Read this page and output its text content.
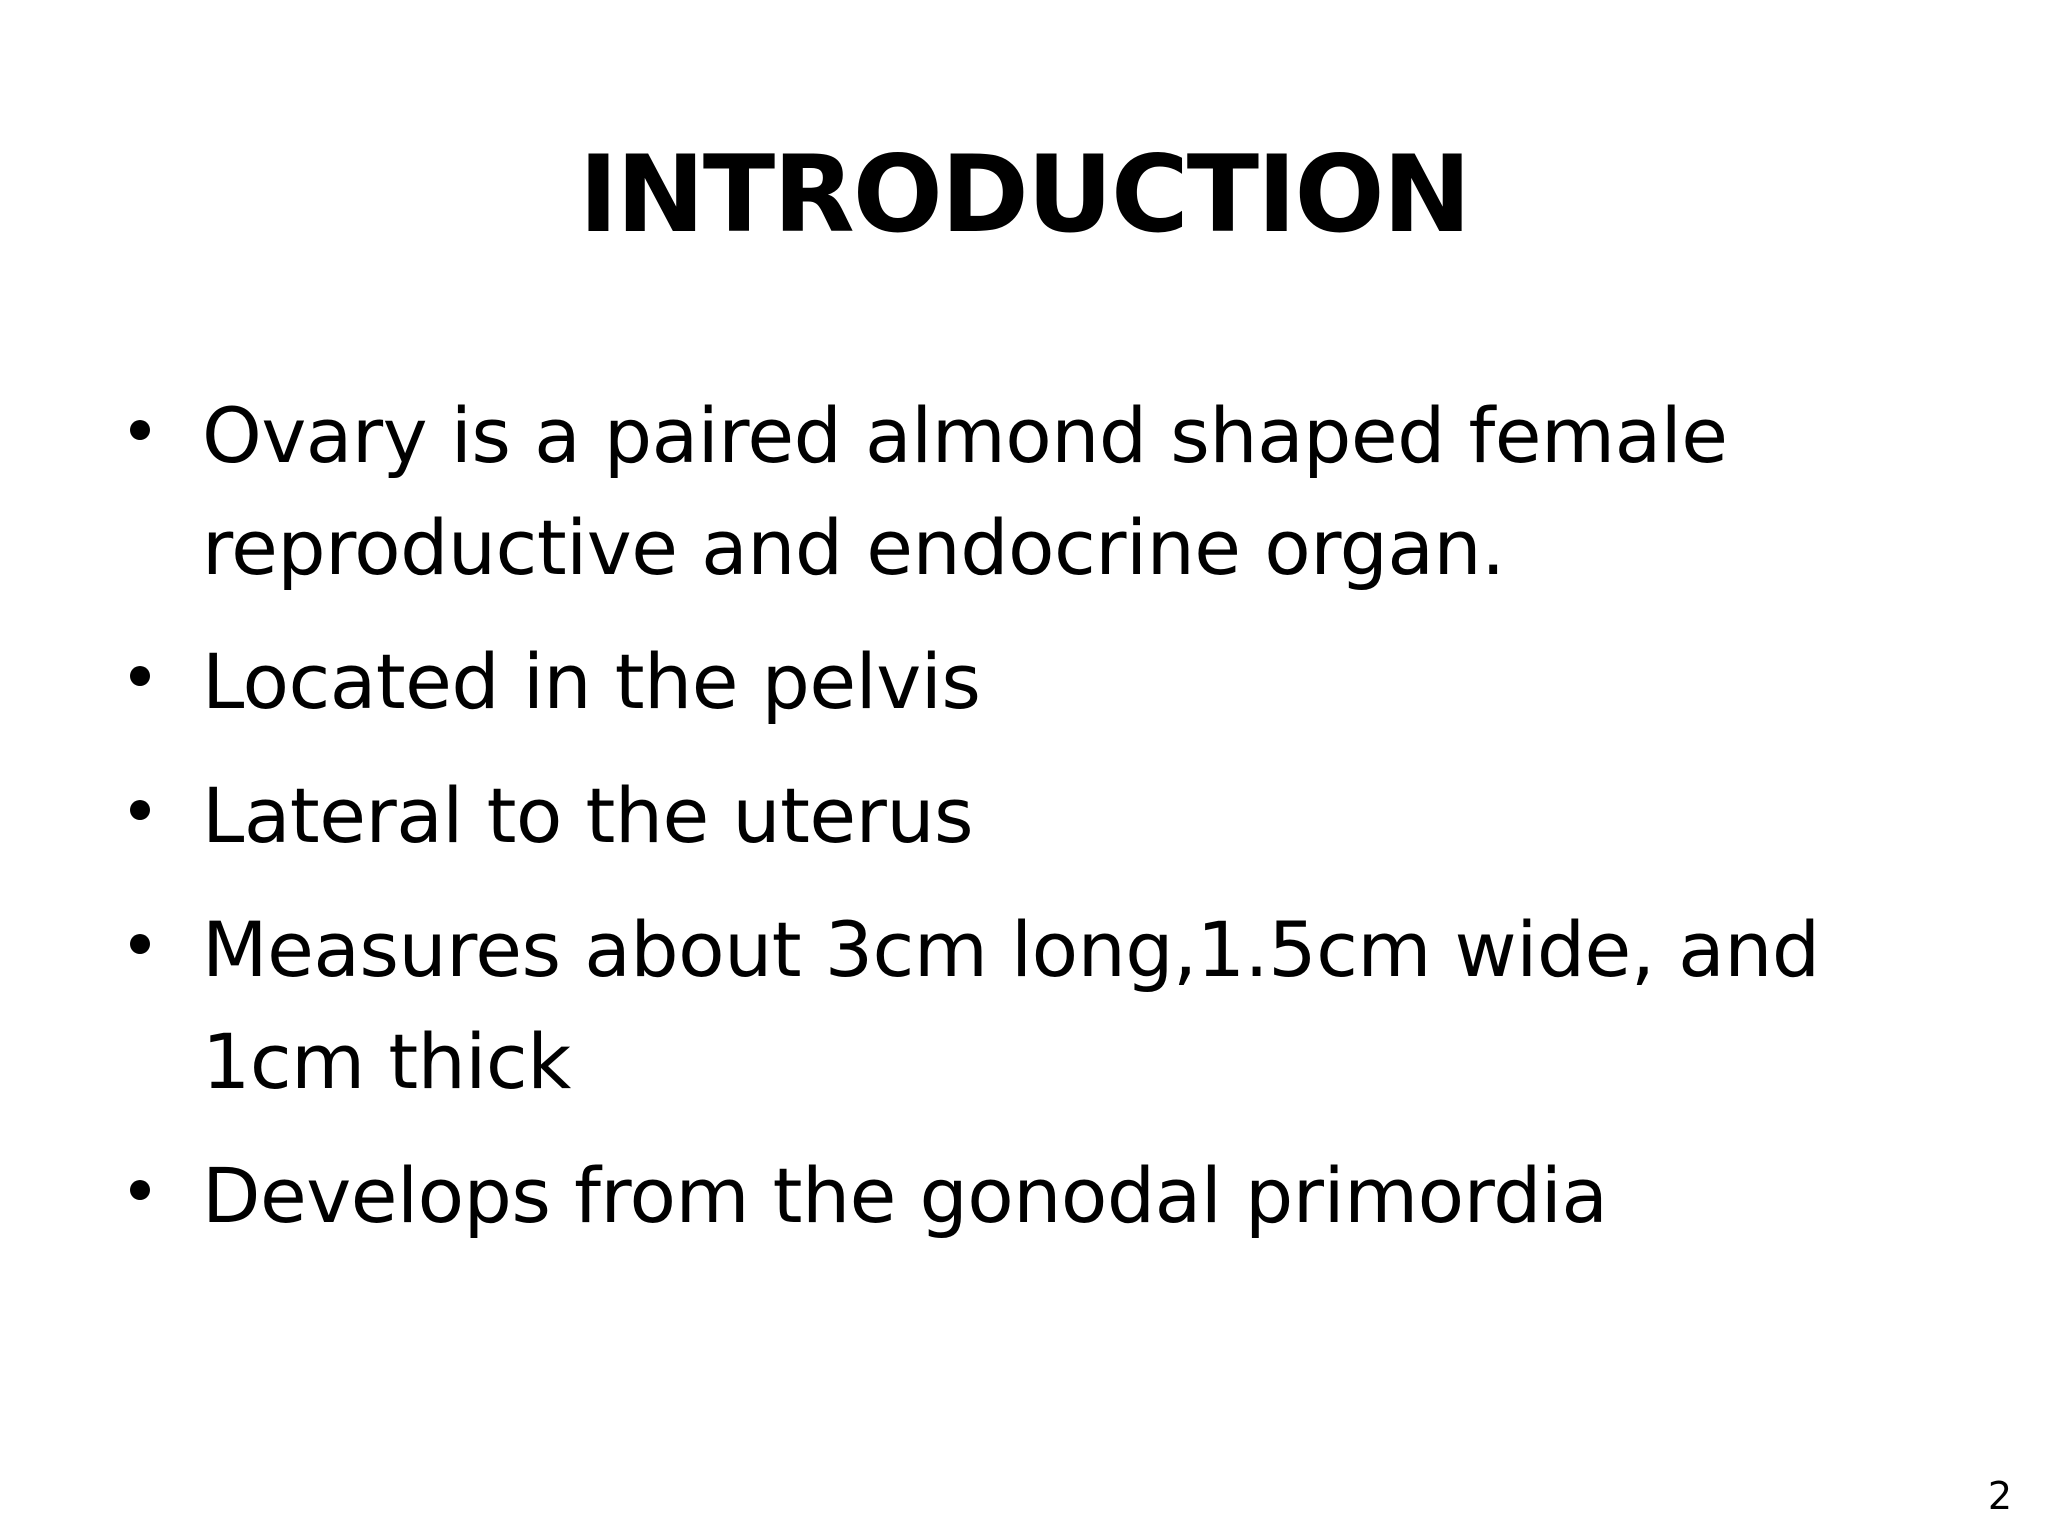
INTRODUCTION
Ovary is a paired almond shaped female reproductive and endocrine organ.
Located in the pelvis
Lateral to the uterus
Measures about 3cm long,1.5cm wide, and 1cm thick
Develops from the gonodal primordia
2
